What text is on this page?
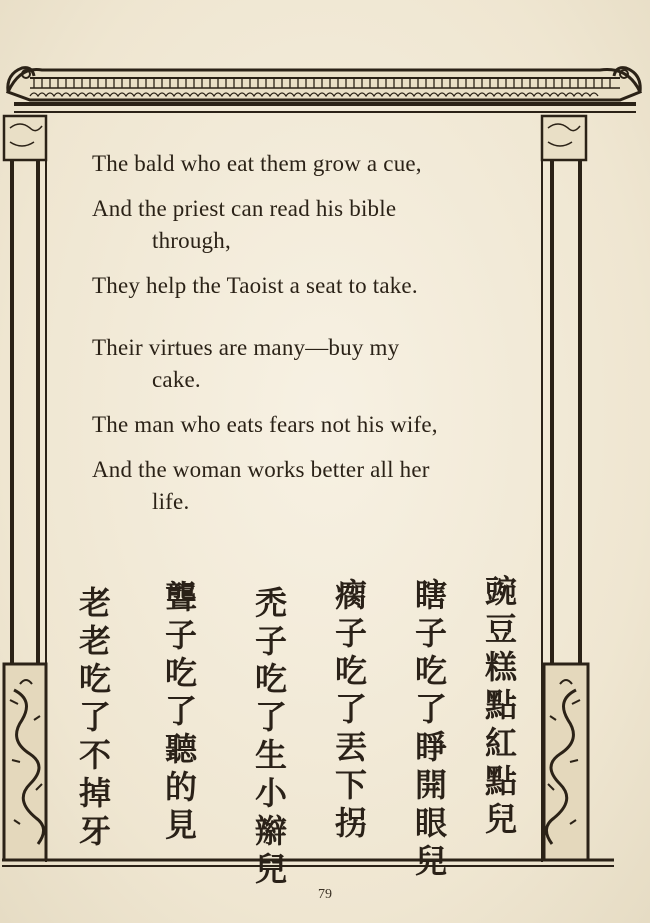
The bald who eat them grow a cue,
And the priest can read his bible
through,
They help the Taoist a seat to take.
Their virtues are many—buy my
cake.
The man who eats fears not his wife,
And the woman works better all her
life.
豌
豆
糕
點
紅
點
兒
瞎
子
吃
了
睜
開
眼
兒
瘸
子
吃
了
丟
下
拐
禿
子
吃
了
生
小
辮
兒
聾
子
吃
了
聽
的
見
老
老
吃
了
不
掉
牙
79
